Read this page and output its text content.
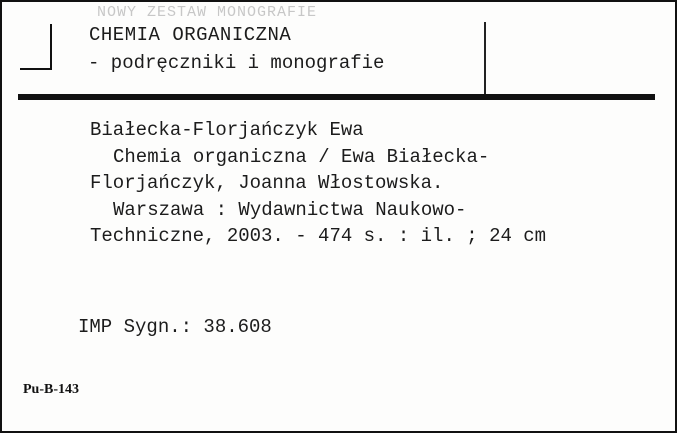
NOWY ZESTAW MONOGRAFIE
CHEMIA ORGANICZNA
- podręczniki i monografie
Białecka-Florjańczyk Ewa
Chemia organiczna / Ewa Białecka-
Florjańczyk, Joanna Włostowska.
Warszawa : Wydawnictwa Naukowo-
Techniczne, 2003. - 474 s. : il. ; 24 cm
IMP Sygn.: 38.608
Pu-B-143
